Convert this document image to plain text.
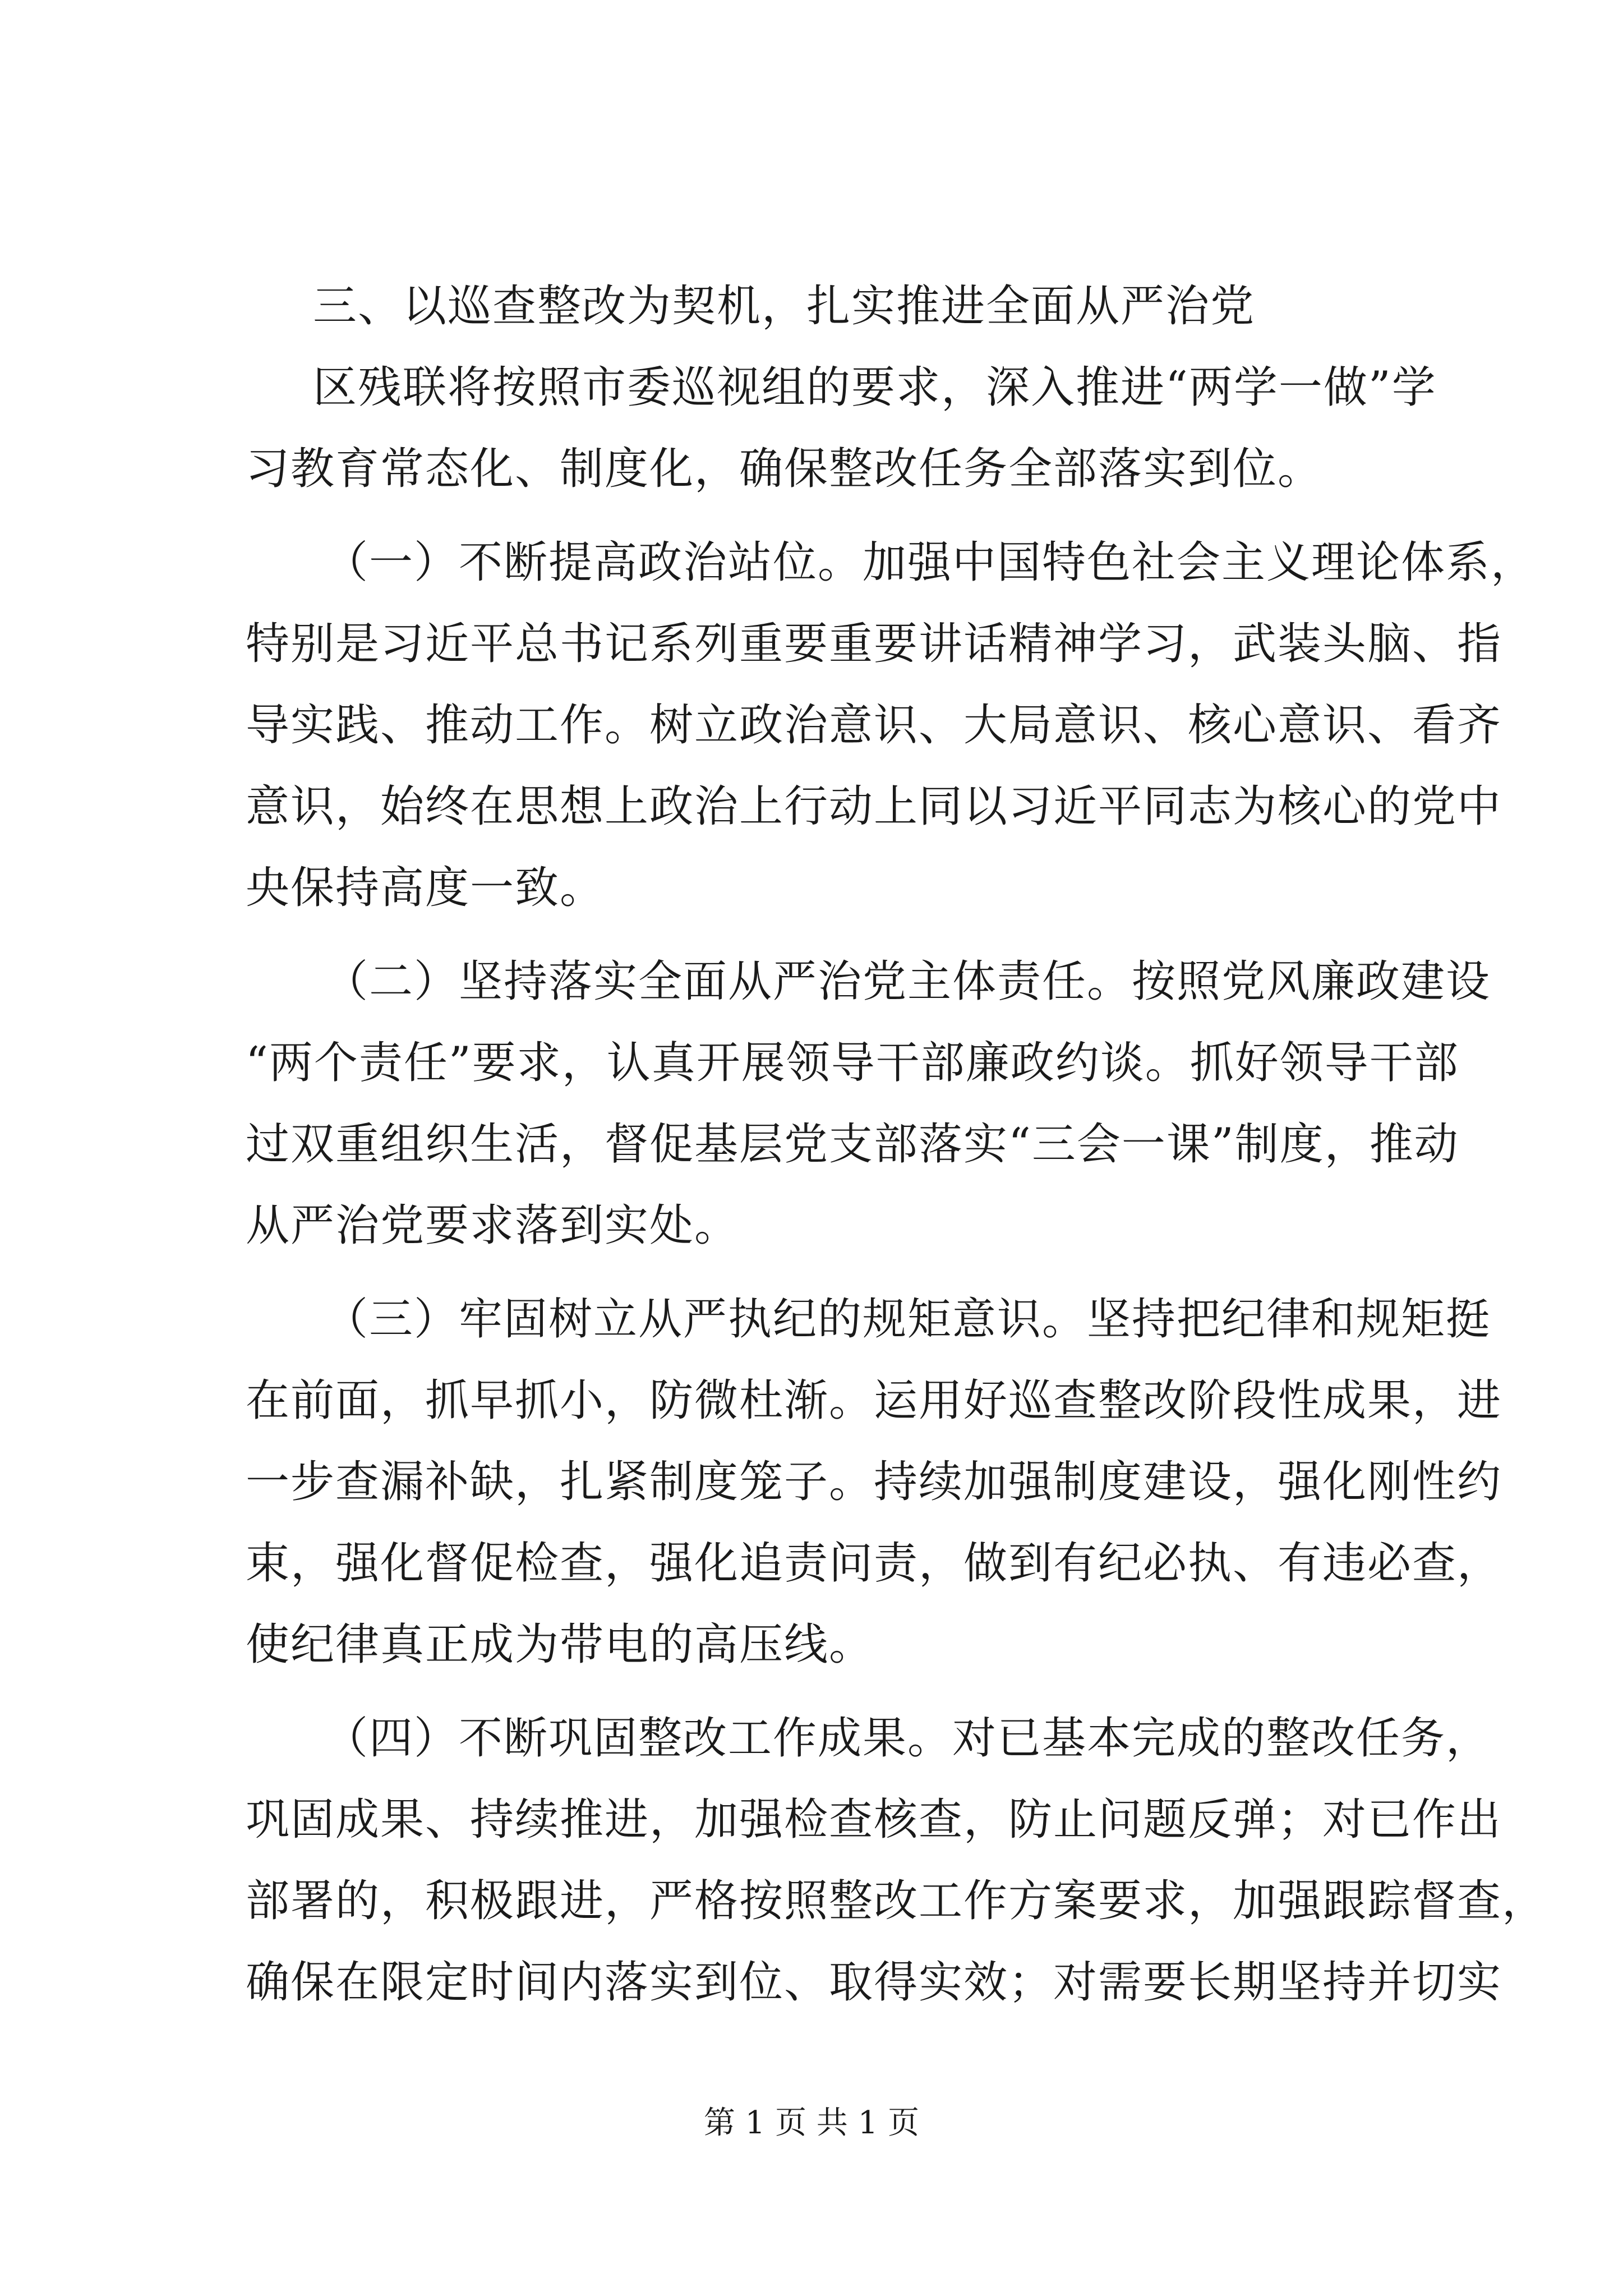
三、以巡查整改为契机，扎实推进全面从严治党
区残联将按照市委巡视组的要求，深入推进“两学一做”学
习教育常态化、制度化，确保整改任务全部落实到位。
（一）不断提高政治站位。加强中国特色社会主义理论体系，
特别是习近平总书记系列重要重要讲话精神学习，武装头脑、指
导实践、推动工作。树立政治意识、大局意识、核心意识、看齐
意识，始终在思想上政治上行动上同以习近平同志为核心的党中
央保持高度一致。
（二）坚持落实全面从严治党主体责任。按照党风廉政建设
“两个责任”要求，认真开展领导干部廉政约谈。抓好领导干部
过双重组织生活，督促基层党支部落实“三会一课”制度，推动
从严治党要求落到实处。
（三）牢固树立从严执纪的规矩意识。坚持把纪律和规矩挺
在前面，抓早抓小，防微杜渐。运用好巡查整改阶段性成果，进
一步查漏补缺，扎紧制度笼子。持续加强制度建设，强化刚性约
束，强化督促检查，强化追责问责，做到有纪必执、有违必查，
使纪律真正成为带电的高压线。
（四）不断巩固整改工作成果。对已基本完成的整改任务，
巩固成果、持续推进，加强检查核查，防止问题反弹；对已作出
部署的，积极跟进，严格按照整改工作方案要求，加强跟踪督查，
确保在限定时间内落实到位、取得实效；对需要长期坚持并切实
第 1 页 共 1 页
